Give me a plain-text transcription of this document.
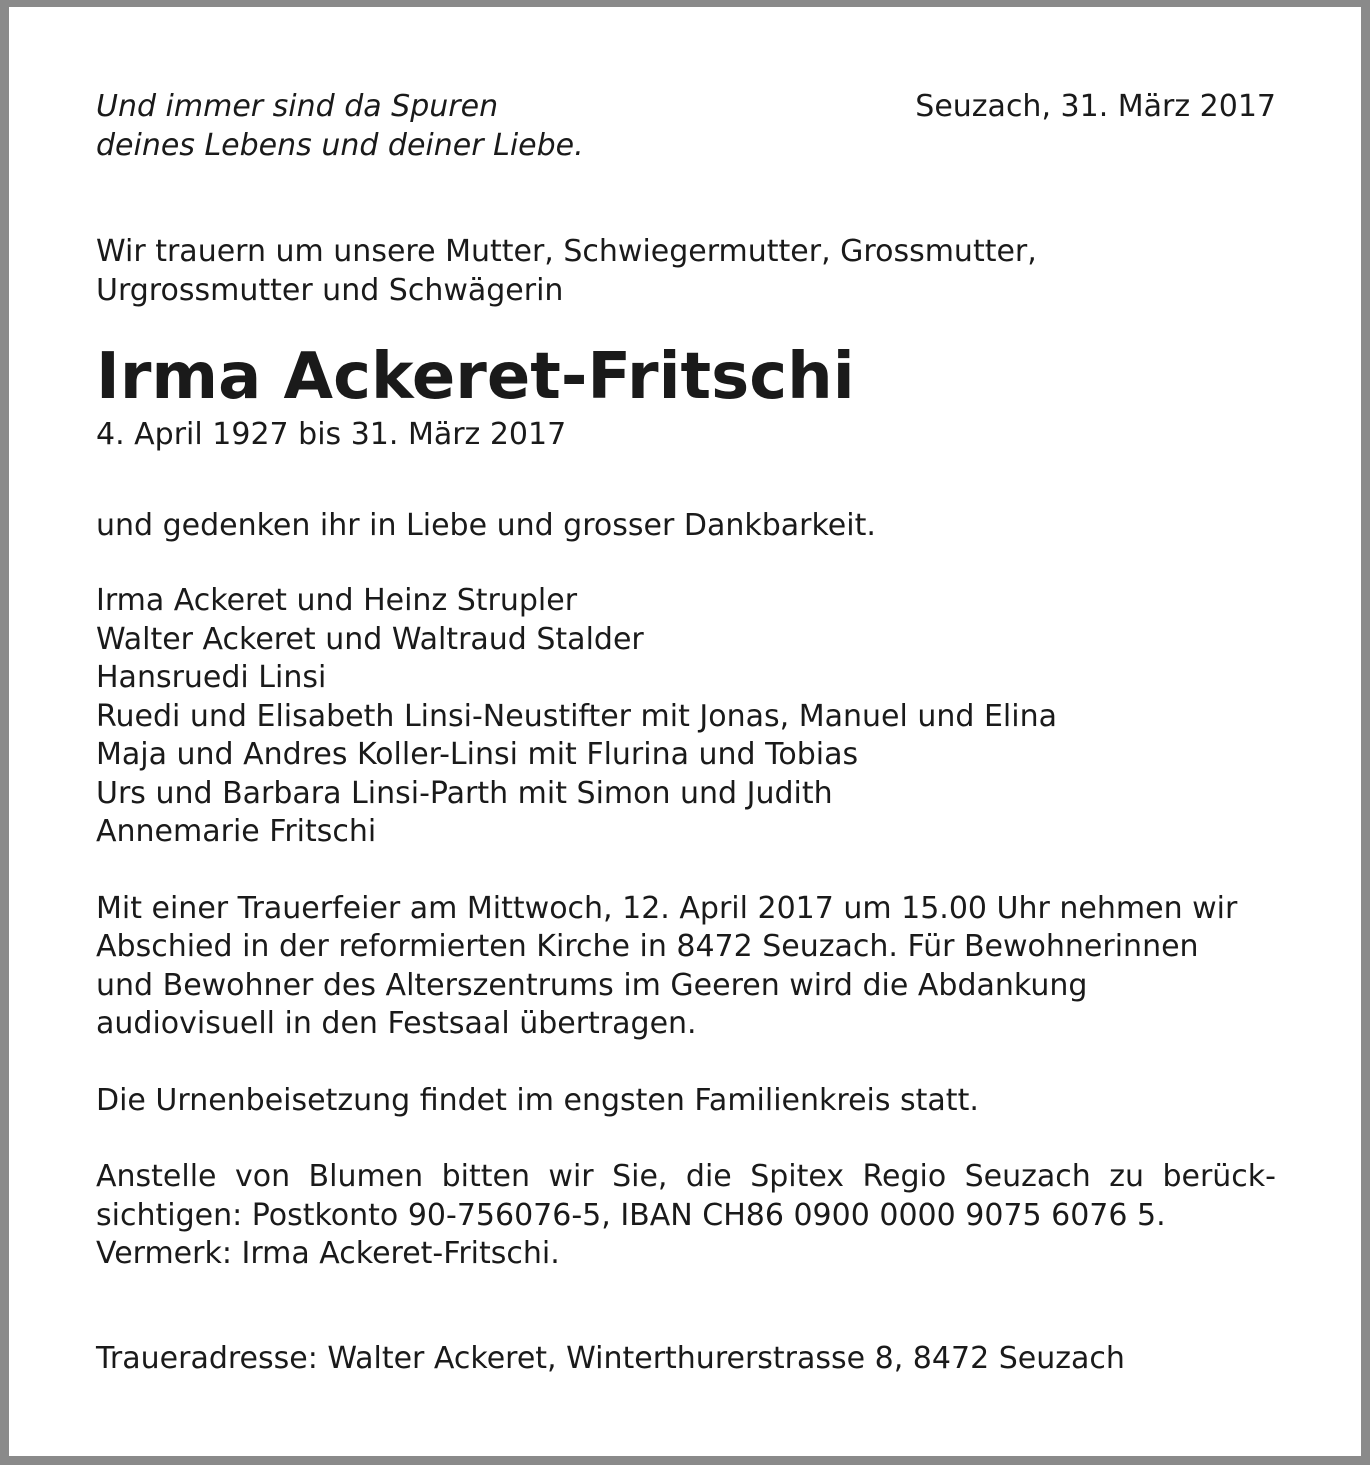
Und immer sind da Spuren
deines Lebens und deiner Liebe.
Seuzach, 31. März 2017
Wir trauern um unsere Mutter, Schwiegermutter, Grossmutter,
Urgrossmutter und Schwägerin
Irma Ackeret-Fritschi
4. April 1927 bis 31. März 2017
und gedenken ihr in Liebe und grosser Dankbarkeit.
Irma Ackeret und Heinz Strupler
Walter Ackeret und Waltraud Stalder
Hansruedi Linsi
Ruedi und Elisabeth Linsi-Neustifter mit Jonas, Manuel und Elina
Maja und Andres Koller-Linsi mit Flurina und Tobias
Urs und Barbara Linsi-Parth mit Simon und Judith
Annemarie Fritschi
Mit einer Trauerfeier am Mittwoch, 12. April 2017 um 15.00 Uhr nehmen wir
Abschied in der reformierten Kirche in 8472 Seuzach. Für Bewohnerinnen
und Bewohner des Alterszentrums im Geeren wird die Abdankung
audiovisuell in den Festsaal übertragen.
Die Urnenbeisetzung findet im engsten Familienkreis statt.
Anstelle von Blumen bitten wir Sie, die Spitex Regio Seuzach zu berück-
sichtigen: Postkonto 90-756076-5, IBAN CH86 0900 0000 9075 6076 5.
Vermerk: Irma Ackeret-Fritschi.
Traueradresse: Walter Ackeret, Winterthurerstrasse 8, 8472 Seuzach
